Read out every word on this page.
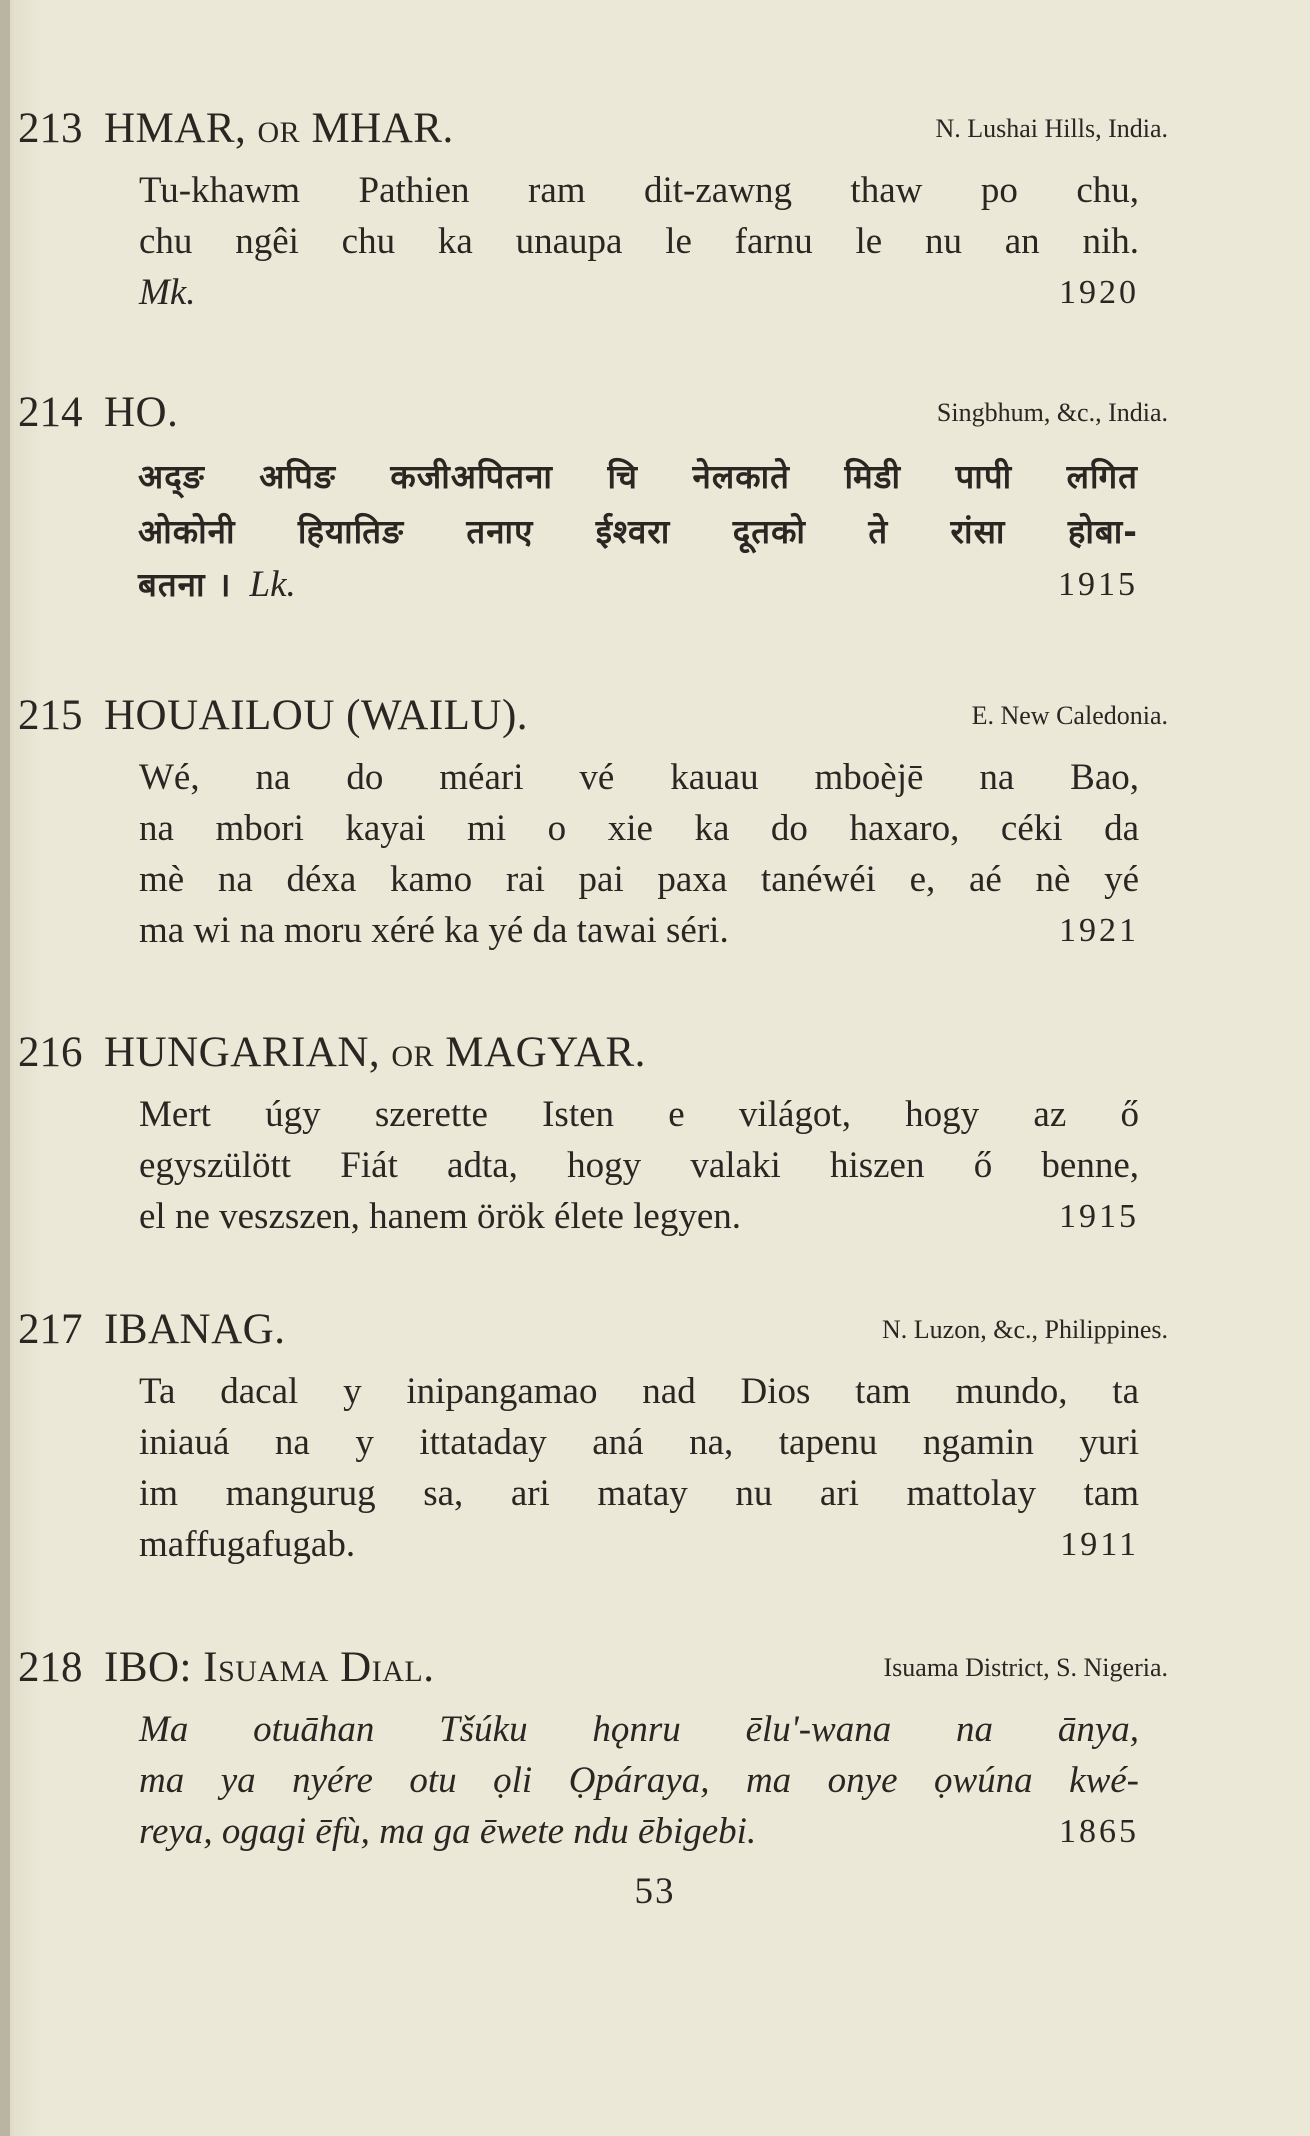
213 HMAR, or MHAR.	N. Lushai Hills, India.
Tu-khawm Pathien ram dit-zawng thaw po chu,
chu ngêi chu ka unaupa le farnu le nu an nih.
Mk.	1920
214 HO.	Singbhum, &c., India.
अद्‌ङ अपिङ कजीअपितना चि नेलकाते मिडी पापी लगित
ओकोनी हियातिङ तनाए ईश्वरा दूतको ते रांसा होबा-
बतना । Lk.	1915
215 HOUAILOU (WAILU).	E. New Caledonia.
Wé, na do méari vé kauau mboèjē na Bao,
na mbori kayai mi o xie ka do haxaro, céki da
mè na déxa kamo rai pai paxa tanéwéi e, aé nè yé
ma wi na moru xéré ka yé da tawai séri.	1921
216 HUNGARIAN, or MAGYAR.
Mert úgy szerette Isten e világot, hogy az ő
egyszülött Fiát adta, hogy valaki hiszen ő benne,
el ne veszszen, hanem örök élete legyen.	1915
217 IBANAG.	N. Luzon, &c., Philippines.
Ta dacal y inipangamao nad Dios tam mundo, ta
iniauá na y ittataday aná na, tapenu ngamin yuri
im mangurug sa, ari matay nu ari mattolay tam
maffugafugab.	1911
218 IBO: Isuama Dial.	Isuama District, S. Nigeria.
Ma otuāhan Tšúku hǫnru ēlu'-wana na ānya,
ma ya nyére otu ọli Ọpáraya, ma onye ọwúna kwé-
reya, ogagi ēfù, ma ga ēwete ndu ēbigebi.	1865
53
